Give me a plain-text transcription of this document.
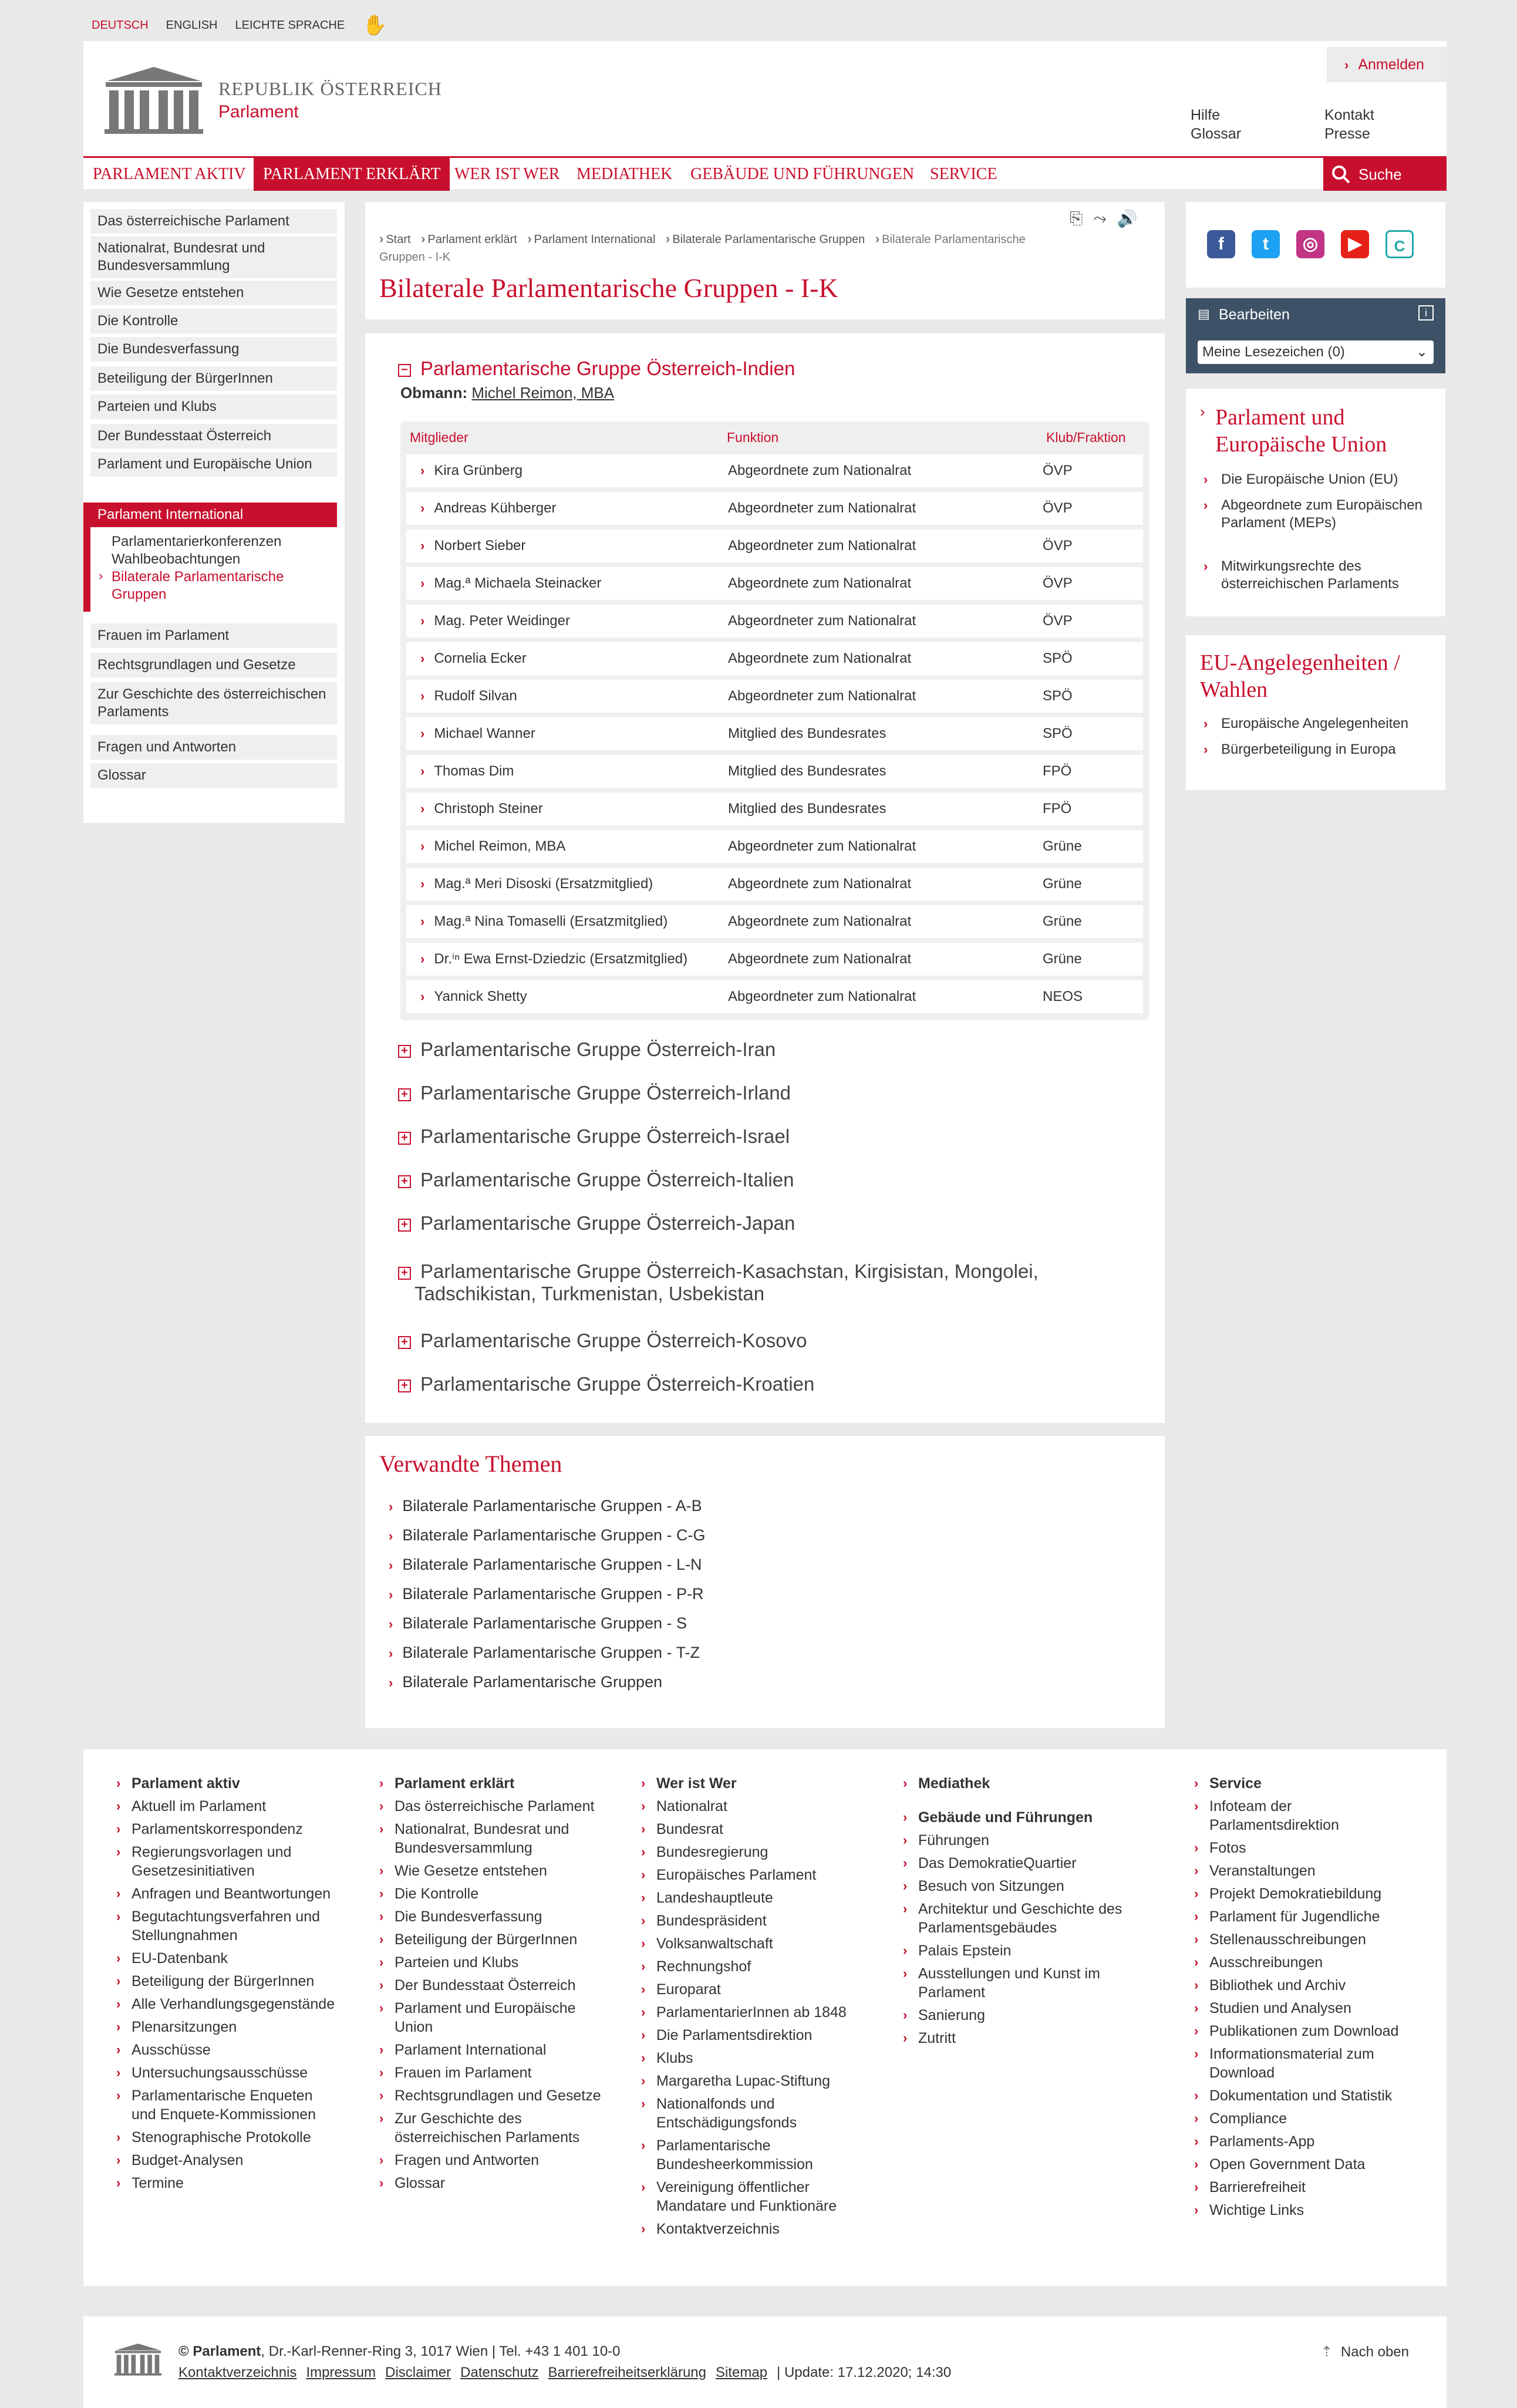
DEUTSCH ENGLISH LEICHTE SPRACHE ✋
REPUBLIK ÖSTERREICH
Parlament
› Anmelden
Hilfe
Glossar
Kontakt
Presse
PARLAMENT AKTIV	PARLAMENT ERKLÄRT WER IST WER	MEDIATHEK	GEBÄUDE UND FÜHRUNGEN SERVICE	Suche
Das österreichische Parlament
Nationalrat, Bundesrat und Bundesversammlung
Wie Gesetze entstehen
Die Kontrolle
Die Bundesverfassung
Beteiligung der BürgerInnen
Parteien und Klubs
Der Bundesstaat Österreich
Parlament und Europäische Union
Parlament International
Parlamentarierkonferenzen
Wahlbeobachtungen
› Bilaterale Parlamentarische Gruppen
Frauen im Parlament
Rechtsgrundlagen und Gesetze
Zur Geschichte des österreichischen Parlaments
Fragen und Antworten
Glossar
⎘ ⤳ 🔊
› Start › Parlament erklärt › Parlament International › Bilaterale Parlamentarische Gruppen › Bilaterale Parlamentarische Gruppen - I-K
Bilaterale Parlamentarische Gruppen - I-K
− Parlamentarische Gruppe Österreich-Indien
Obmann: Michel Reimon, MBA
Mitglieder	Funktion	Klub/Fraktion
› Kira Grünberg	Abgeordnete zum Nationalrat	ÖVP
› Andreas Kühberger	Abgeordneter zum Nationalrat	ÖVP
› Norbert Sieber	Abgeordneter zum Nationalrat	ÖVP
› Mag.ª Michaela Steinacker	Abgeordnete zum Nationalrat	ÖVP
› Mag. Peter Weidinger	Abgeordneter zum Nationalrat	ÖVP
› Cornelia Ecker	Abgeordnete zum Nationalrat	SPÖ
› Rudolf Silvan	Abgeordneter zum Nationalrat	SPÖ
› Michael Wanner	Mitglied des Bundesrates	SPÖ
› Thomas Dim	Mitglied des Bundesrates	FPÖ
› Christoph Steiner	Mitglied des Bundesrates	FPÖ
› Michel Reimon, MBA	Abgeordneter zum Nationalrat	Grüne
› Mag.ª Meri Disoski (Ersatzmitglied)	Abgeordnete zum Nationalrat	Grüne
› Mag.ª Nina Tomaselli (Ersatzmitglied)	Abgeordnete zum Nationalrat	Grüne
› Dr.ⁱⁿ Ewa Ernst-Dziedzic (Ersatzmitglied)	Abgeordnete zum Nationalrat	Grüne
› Yannick Shetty	Abgeordneter zum Nationalrat	NEOS
+ Parlamentarische Gruppe Österreich-Iran
+ Parlamentarische Gruppe Österreich-Irland
+ Parlamentarische Gruppe Österreich-Israel
+ Parlamentarische Gruppe Österreich-Italien
+ Parlamentarische Gruppe Österreich-Japan
+ Parlamentarische Gruppe Österreich-Kasachstan, Kirgisistan, Mongolei,
Tadschikistan, Turkmenistan, Usbekistan
+ Parlamentarische Gruppe Österreich-Kosovo
+ Parlamentarische Gruppe Österreich-Kroatien
Verwandte Themen
› Bilaterale Parlamentarische Gruppen - A-B
› Bilaterale Parlamentarische Gruppen - C-G
› Bilaterale Parlamentarische Gruppen - L-N
› Bilaterale Parlamentarische Gruppen - P-R
› Bilaterale Parlamentarische Gruppen - S
› Bilaterale Parlamentarische Gruppen - T-Z
› Bilaterale Parlamentarische Gruppen
f	t	◎	▶	C
▤ Bearbeiten	i
Meine Lesezeichen (0)	⌄
› Parlament und Europäische Union
› Die Europäische Union (EU)
› Abgeordnete zum Europäischen Parlament (MEPs)
› Mitwirkungsrechte des österreichischen Parlaments
EU-Angelegenheiten / Wahlen
› Europäische Angelegenheiten
› Bürgerbeteiligung in Europa
› Parlament aktiv
› Aktuell im Parlament
› Parlamentskorrespondenz
› Regierungsvorlagen und Gesetzesinitiativen
› Anfragen und Beantwortungen
› Begutachtungsverfahren und Stellungnahmen
› EU-Datenbank
› Beteiligung der BürgerInnen
› Alle Verhandlungsgegenstände
› Plenarsitzungen
› Ausschüsse
› Untersuchungsausschüsse
› Parlamentarische Enqueten und Enquete-Kommissionen
› Stenographische Protokolle
› Budget-Analysen
› Termine
› Parlament erklärt
› Das österreichische Parlament
› Nationalrat, Bundesrat und Bundesversammlung
› Wie Gesetze entstehen
› Die Kontrolle
› Die Bundesverfassung
› Beteiligung der BürgerInnen
› Parteien und Klubs
› Der Bundesstaat Österreich
› Parlament und Europäische Union
› Parlament International
› Frauen im Parlament
› Rechtsgrundlagen und Gesetze
› Zur Geschichte des österreichischen Parlaments
› Fragen und Antworten
› Glossar
› Wer ist Wer
› Nationalrat
› Bundesrat
› Bundesregierung
› Europäisches Parlament
› Landeshauptleute
› Bundespräsident
› Volksanwaltschaft
› Rechnungshof
› Europarat
› ParlamentarierInnen ab 1848
› Die Parlamentsdirektion
› Klubs
› Margaretha Lupac-Stiftung
› Nationalfonds und Entschädigungsfonds
› Parlamentarische Bundesheerkommission
› Vereinigung öffentlicher Mandatare und Funktionäre
› Kontaktverzeichnis
› Mediathek
› Gebäude und Führungen
› Führungen
› Das DemokratieQuartier
› Besuch von Sitzungen
› Architektur und Geschichte des Parlamentsgebäudes
› Palais Epstein
› Ausstellungen und Kunst im Parlament
› Sanierung
› Zutritt
› Service
› Infoteam der Parlamentsdirektion
› Fotos
› Veranstaltungen
› Projekt Demokratiebildung
› Parlament für Jugendliche
› Stellenausschreibungen
› Ausschreibungen
› Bibliothek und Archiv
› Studien und Analysen
› Publikationen zum Download
› Informationsmaterial zum Download
› Dokumentation und Statistik
› Compliance
› Parlaments-App
› Open Government Data
› Barrierefreiheit
› Wichtige Links
© Parlament, Dr.-Karl-Renner-Ring 3, 1017 Wien | Tel. +43 1 401 10-0
Kontaktverzeichnis Impressum Disclaimer Datenschutz Barrierefreiheitserklärung Sitemap | Update: 17.12.2020; 14:30
⇡ Nach oben
